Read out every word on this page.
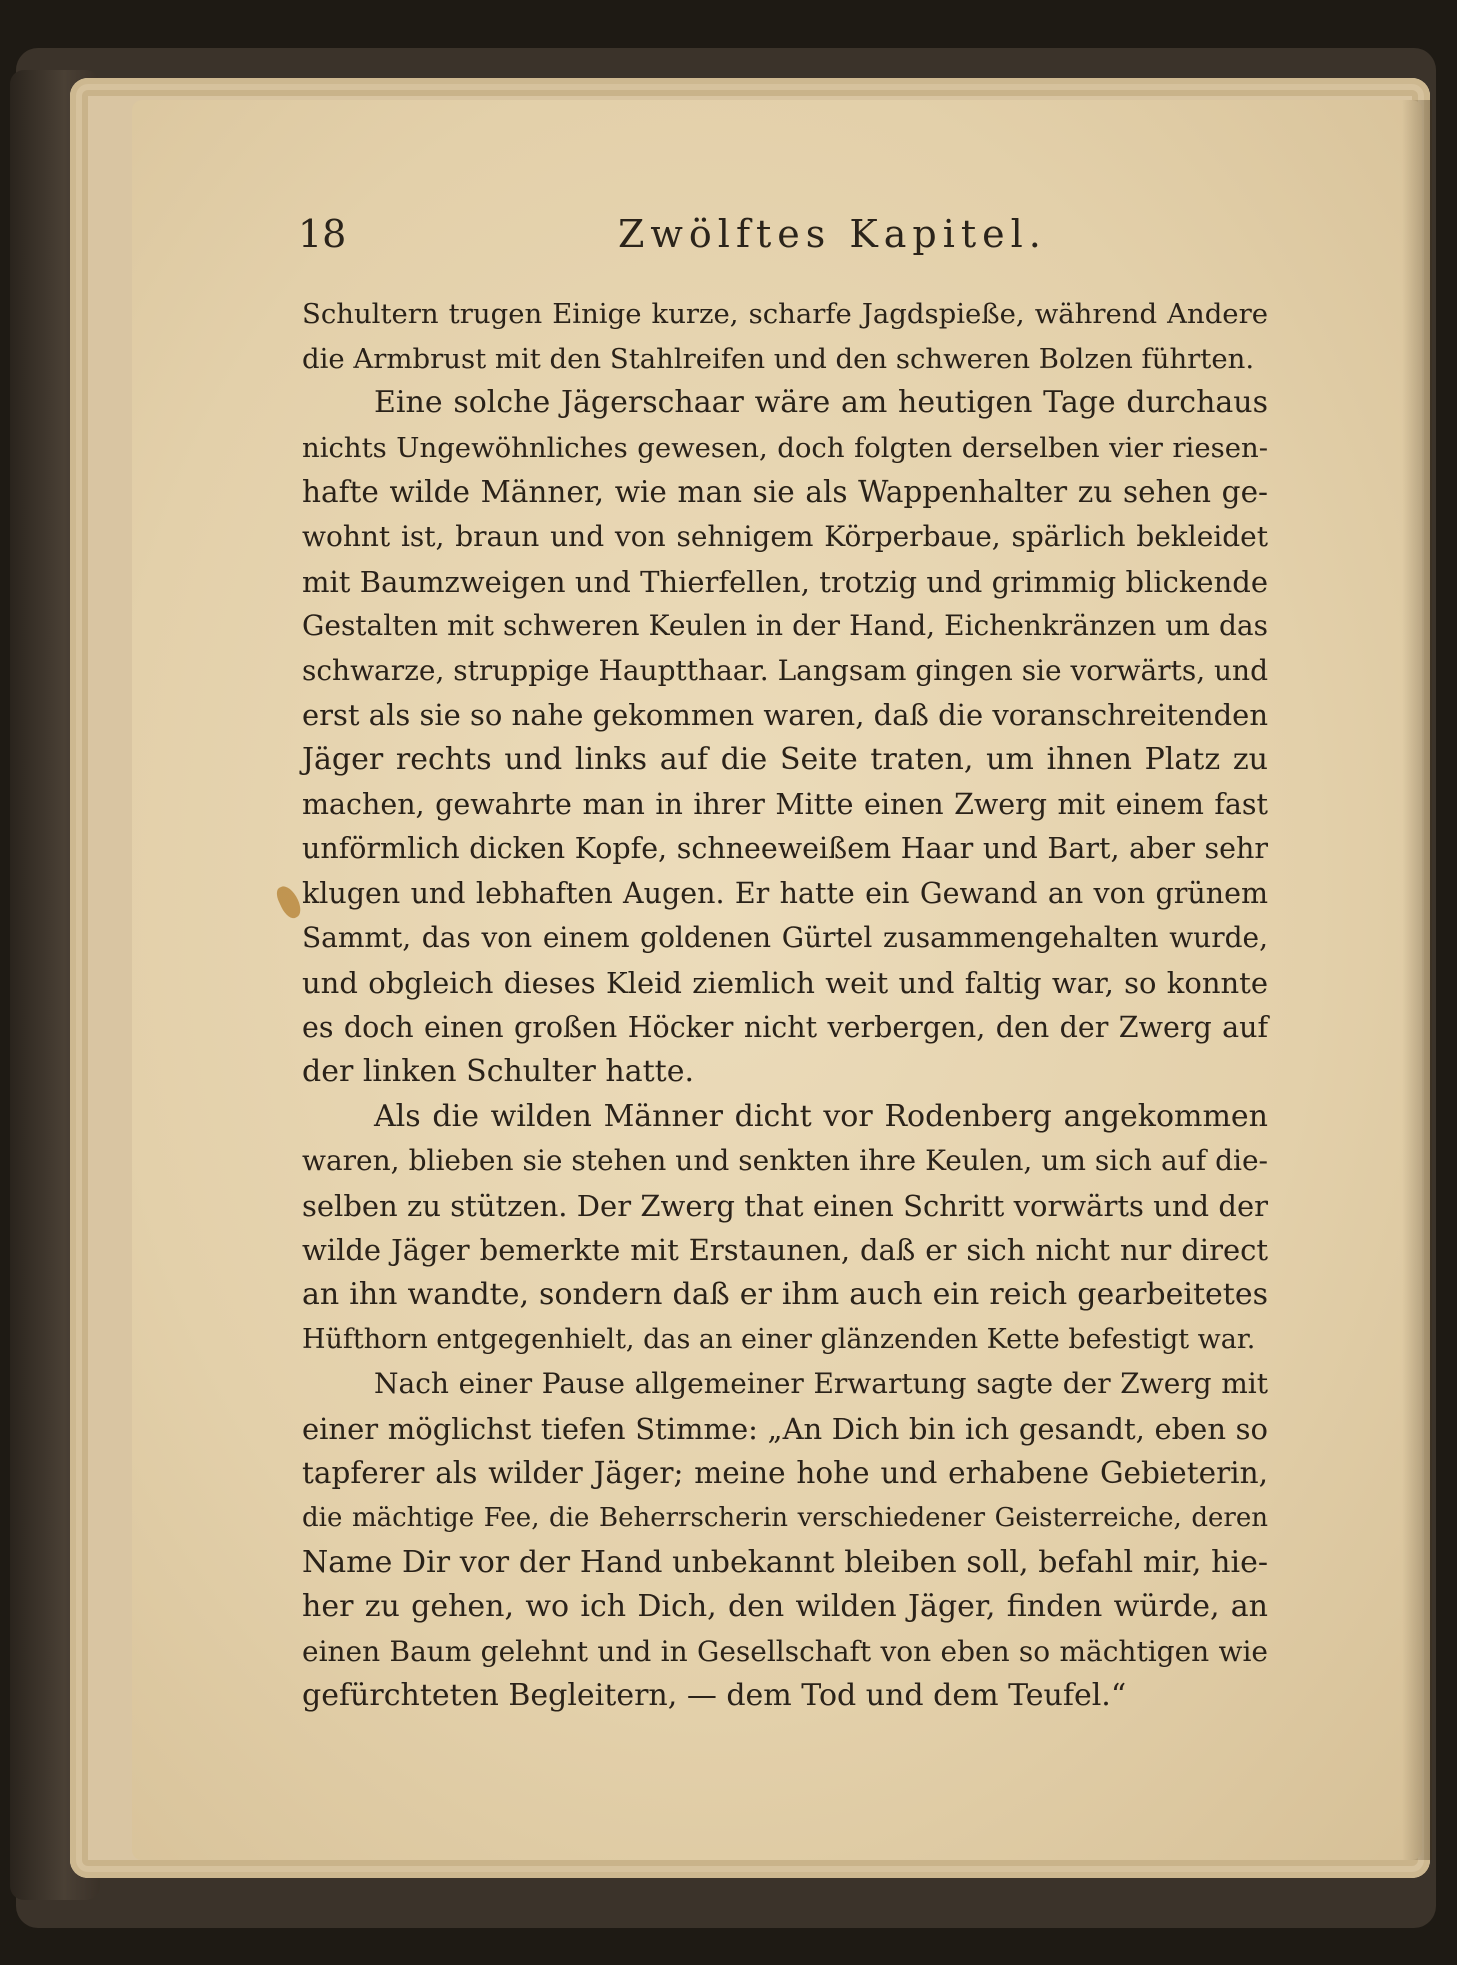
18	Zwölftes Kapitel.
Schultern trugen Einige kurze, scharfe Jagdspieße, während Andere
die Armbrust mit den Stahlreifen und den schweren Bolzen führten.
Eine solche Jägerschaar wäre am heutigen Tage durchaus
nichts Ungewöhnliches gewesen, doch folgten derselben vier riesen-
hafte wilde Männer, wie man sie als Wappenhalter zu sehen ge-
wohnt ist, braun und von sehnigem Körperbaue, spärlich bekleidet
mit Baumzweigen und Thierfellen, trotzig und grimmig blickende
Gestalten mit schweren Keulen in der Hand, Eichenkränzen um das
schwarze, struppige Hauptthaar. Langsam gingen sie vorwärts, und
erst als sie so nahe gekommen waren, daß die voranschreitenden
Jäger rechts und links auf die Seite traten, um ihnen Platz zu
machen, gewahrte man in ihrer Mitte einen Zwerg mit einem fast
unförmlich dicken Kopfe, schneeweißem Haar und Bart, aber sehr
klugen und lebhaften Augen. Er hatte ein Gewand an von grünem
Sammt, das von einem goldenen Gürtel zusammengehalten wurde,
und obgleich dieses Kleid ziemlich weit und faltig war, so konnte
es doch einen großen Höcker nicht verbergen, den der Zwerg auf
der linken Schulter hatte.
Als die wilden Männer dicht vor Rodenberg angekommen
waren, blieben sie stehen und senkten ihre Keulen, um sich auf die-
selben zu stützen. Der Zwerg that einen Schritt vorwärts und der
wilde Jäger bemerkte mit Erstaunen, daß er sich nicht nur direct
an ihn wandte, sondern daß er ihm auch ein reich gearbeitetes
Hüfthorn entgegenhielt, das an einer glänzenden Kette befestigt war.
Nach einer Pause allgemeiner Erwartung sagte der Zwerg mit
einer möglichst tiefen Stimme: „An Dich bin ich gesandt, eben so
tapferer als wilder Jäger; meine hohe und erhabene Gebieterin,
die mächtige Fee, die Beherrscherin verschiedener Geisterreiche, deren
Name Dir vor der Hand unbekannt bleiben soll, befahl mir, hie-
her zu gehen, wo ich Dich, den wilden Jäger, finden würde, an
einen Baum gelehnt und in Gesellschaft von eben so mächtigen wie
gefürchteten Begleitern, — dem Tod und dem Teufel.“
